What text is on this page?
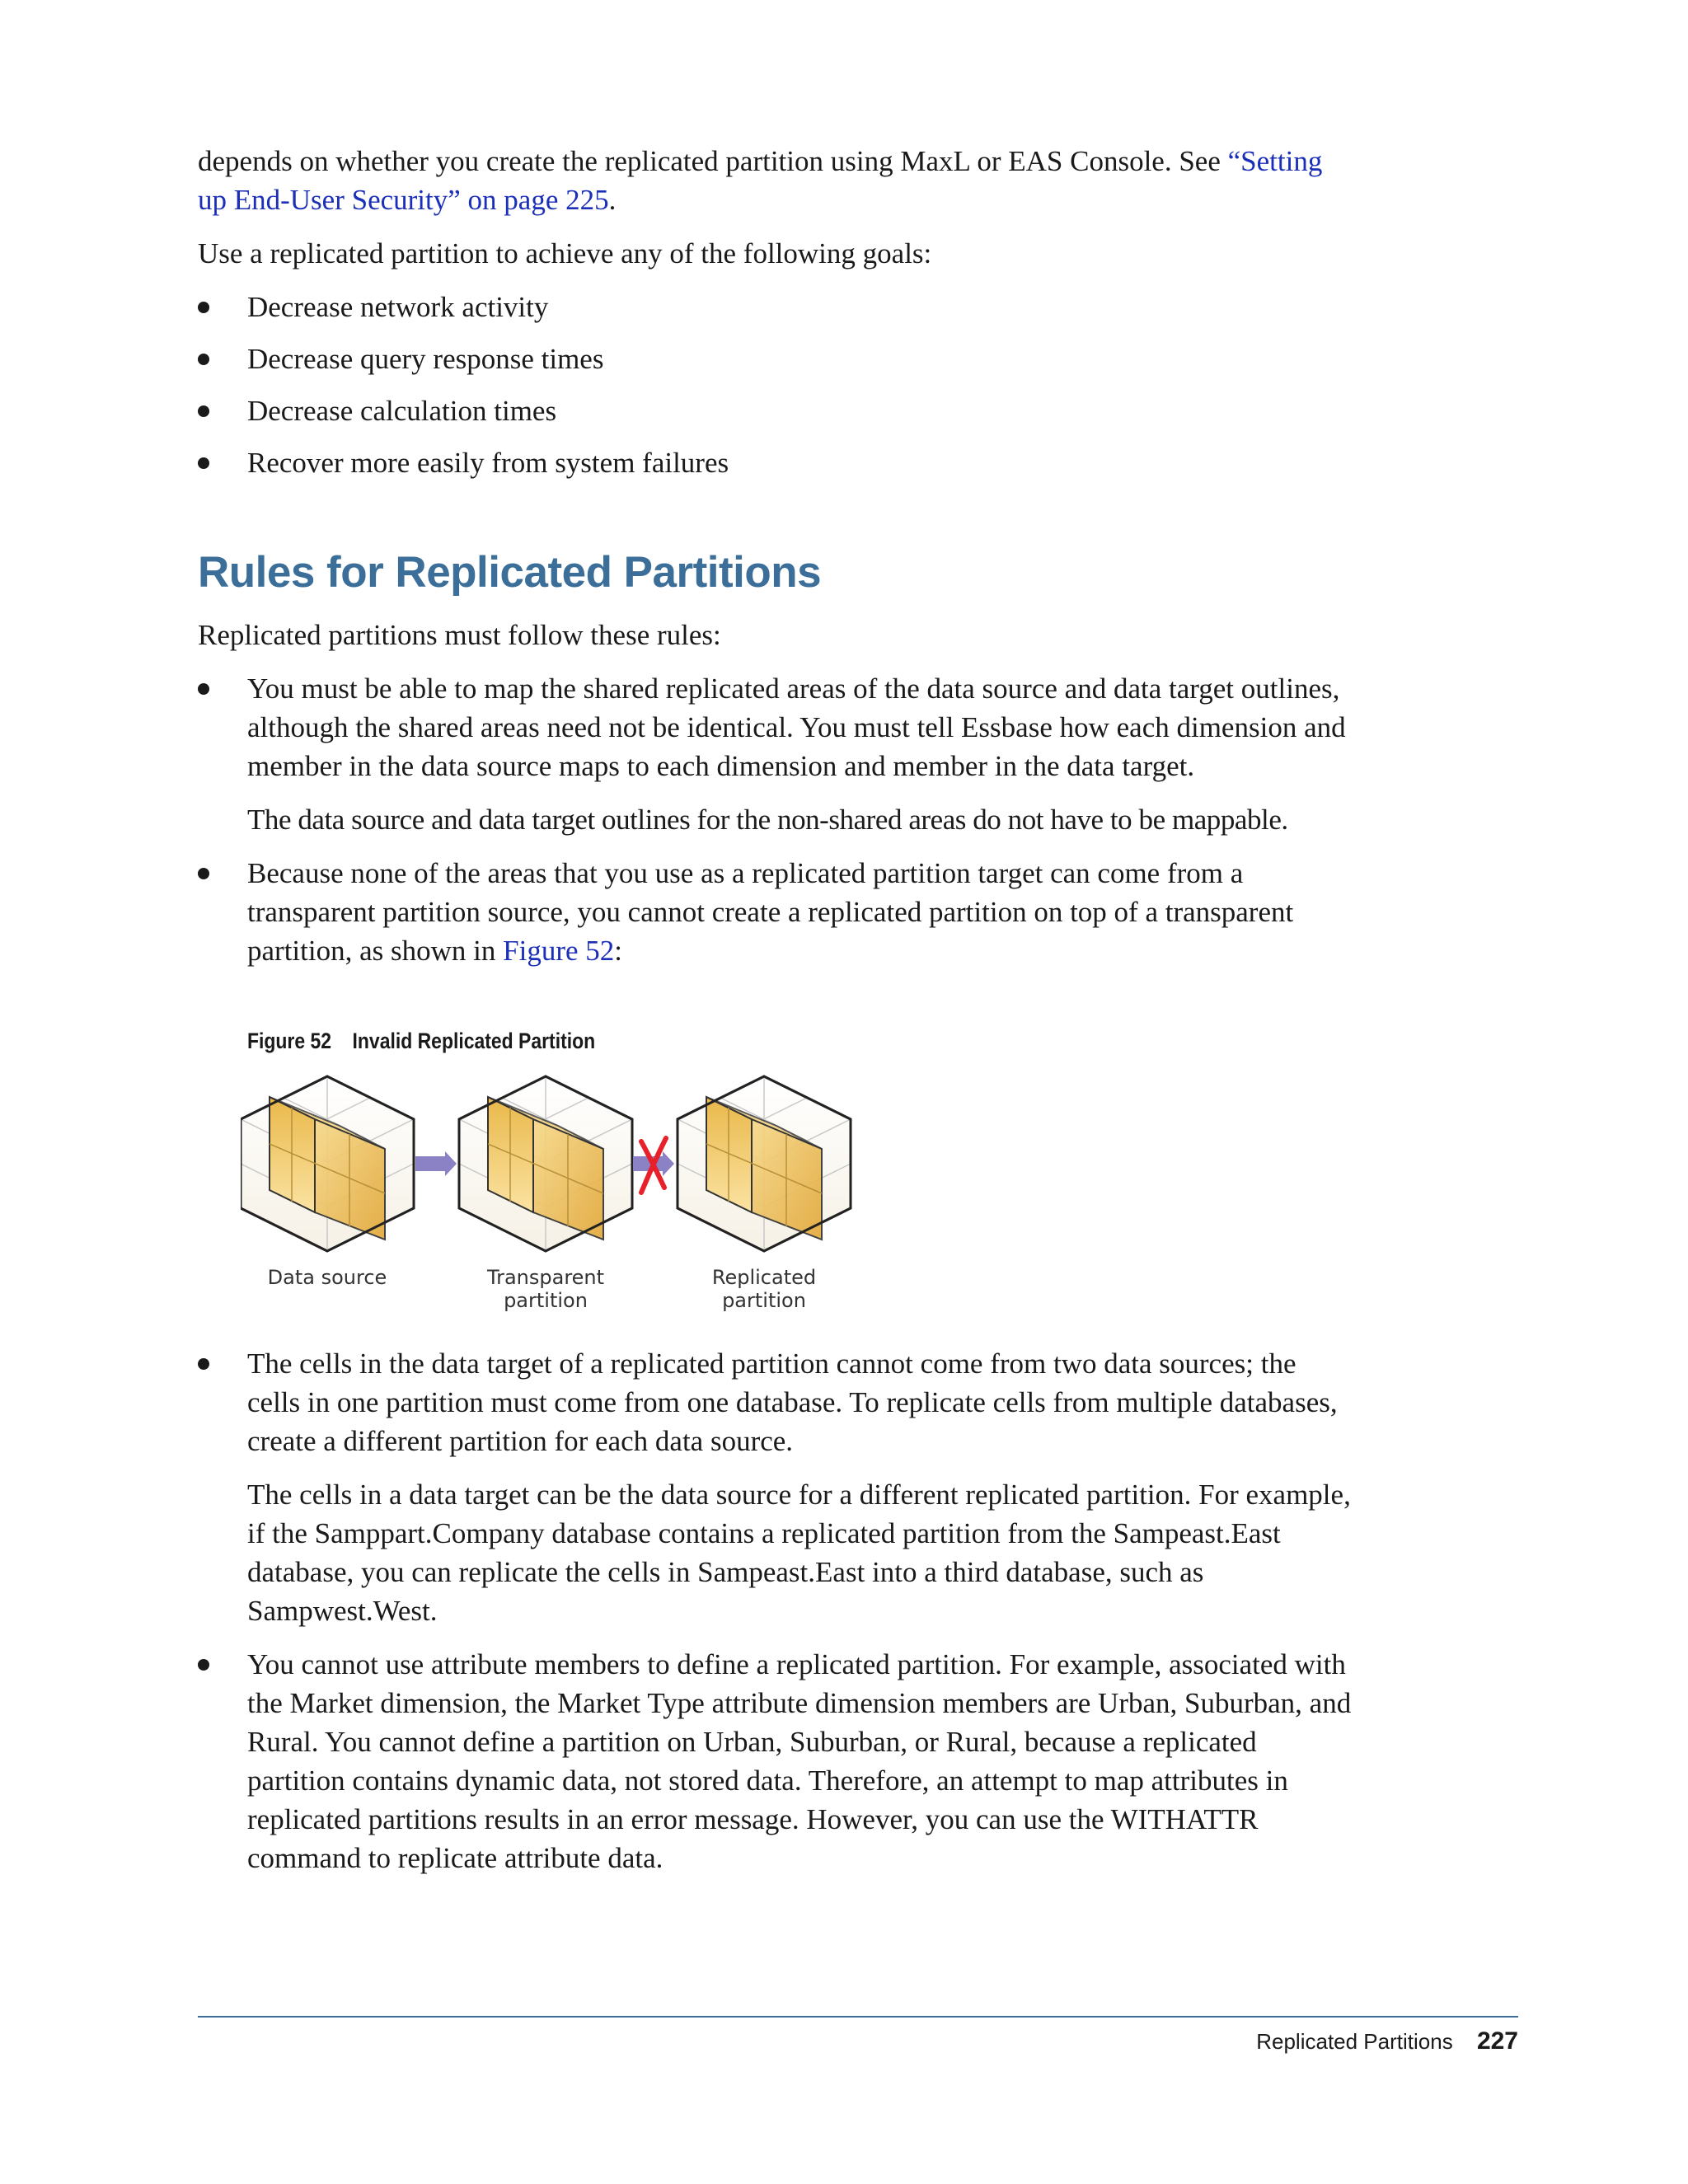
depends on whether you create the replicated partition using MaxL or EAS Console. See “Setting up End-User Security” on page 225.

Use a replicated partition to achieve any of the following goals:

Decrease network activity
Decrease query response times
Decrease calculation times
Recover more easily from system failures
Rules for Replicated Partitions

Replicated partitions must follow these rules:

You must be able to map the shared replicated areas of the data source and data target outlines, although the shared areas need not be identical. You must tell Essbase how each dimension and member in the data source maps to each dimension and member in the data target.

The data source and data target outlines for the non-shared areas do not have to be mappable.

Because none of the areas that you use as a replicated partition target can come from a transparent partition source, you cannot create a replicated partition on top of a transparent partition, as shown in Figure 52:

Figure 52 Invalid Replicated Partition
Data source	Transparent
partition
Replicated
partition

The cells in the data target of a replicated partition cannot come from two data sources; the cells in one partition must come from one database. To replicate cells from multiple databases, create a different partition for each data source.

The cells in a data target can be the data source for a different replicated partition. For example, if the Samppart.Company database contains a replicated partition from the Sampeast.East database, you can replicate the cells in Sampeast.East into a third database, such as Sampwest.West.

You cannot use attribute members to define a replicated partition. For example, associated with the Market dimension, the Market Type attribute dimension members are Urban, Suburban, and Rural. You cannot define a partition on Urban, Suburban, or Rural, because a replicated partition contains dynamic data, not stored data. Therefore, an attempt to map attributes in replicated partitions results in an error message. However, you can use the WITHATTR command to replicate attribute data.

Replicated Partitions 227
